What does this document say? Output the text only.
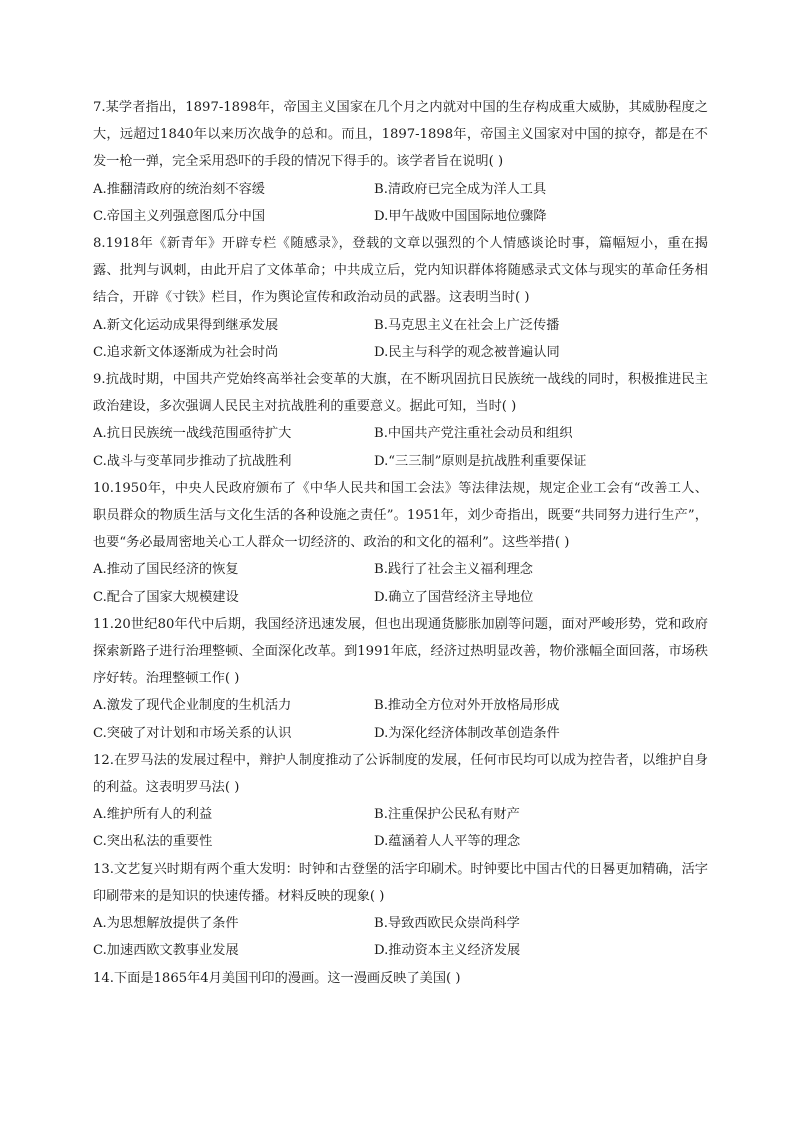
7.某学者指出，1897-1898年，帝国主义国家在几个月之内就对中国的生存构成重大威胁，其威胁程度之大，远超过1840年以来历次战争的总和。而且，1897-1898年，帝国主义国家对中国的掠夺，都是在不发一枪一弹，完全采用恐吓的手段的情况下得手的。该学者旨在说明( )

A.推翻清政府的统治刻不容缓	B.清政府已完全成为洋人工具
C.帝国主义列强意图瓜分中国	D.甲午战败中国国际地位骤降

8.1918年《新青年》开辟专栏《随感录》，登载的文章以强烈的个人情感谈论时事，篇幅短小，重在揭露、批判与讽刺，由此开启了文体革命；中共成立后，党内知识群体将随感录式文体与现实的革命任务相结合，开辟《寸铁》栏目，作为舆论宣传和政治动员的武器。这表明当时( )

A.新文化运动成果得到继承发展	B.马克思主义在社会上广泛传播
C.追求新文体逐渐成为社会时尚	D.民主与科学的观念被普遍认同

9.抗战时期，中国共产党始终高举社会变革的大旗，在不断巩固抗日民族统一战线的同时，积极推进民主政治建设，多次强调人民民主对抗战胜利的重要意义。据此可知，当时( )

A.抗日民族统一战线范围亟待扩大	B.中国共产党注重社会动员和组织
C.战斗与变革同步推动了抗战胜利	D.“三三制”原则是抗战胜利重要保证

10.1950年，中央人民政府颁布了《中华人民共和国工会法》等法律法规，规定企业工会有“改善工人、职员群众的物质生活与文化生活的各种设施之责任”。1951年，刘少奇指出，既要“共同努力进行生产”，也要“务必最周密地关心工人群众一切经济的、政治的和文化的福利”。这些举措( )

A.推动了国民经济的恢复	B.践行了社会主义福利理念
C.配合了国家大规模建设	D.确立了国营经济主导地位

11.20世纪80年代中后期，我国经济迅速发展，但也出现通货膨胀加剧等问题，面对严峻形势，党和政府探索新路子进行治理整顿、全面深化改革。到1991年底，经济过热明显改善，物价涨幅全面回落，市场秩序好转。治理整顿工作( )

A.激发了现代企业制度的生机活力	B.推动全方位对外开放格局形成
C.突破了对计划和市场关系的认识	D.为深化经济体制改革创造条件

12.在罗马法的发展过程中，辩护人制度推动了公诉制度的发展，任何市民均可以成为控告者，以维护自身的利益。这表明罗马法( )

A.维护所有人的利益	B.注重保护公民私有财产
C.突出私法的重要性	D.蕴涵着人人平等的理念

13.文艺复兴时期有两个重大发明：时钟和古登堡的活字印刷术。时钟要比中国古代的日晷更加精确，活字印刷带来的是知识的快速传播。材料反映的现象( )

A.为思想解放提供了条件	B.导致西欧民众崇尚科学
C.加速西欧文教事业发展	D.推动资本主义经济发展

14.下面是1865年4月美国刊印的漫画。这一漫画反映了美国( )
